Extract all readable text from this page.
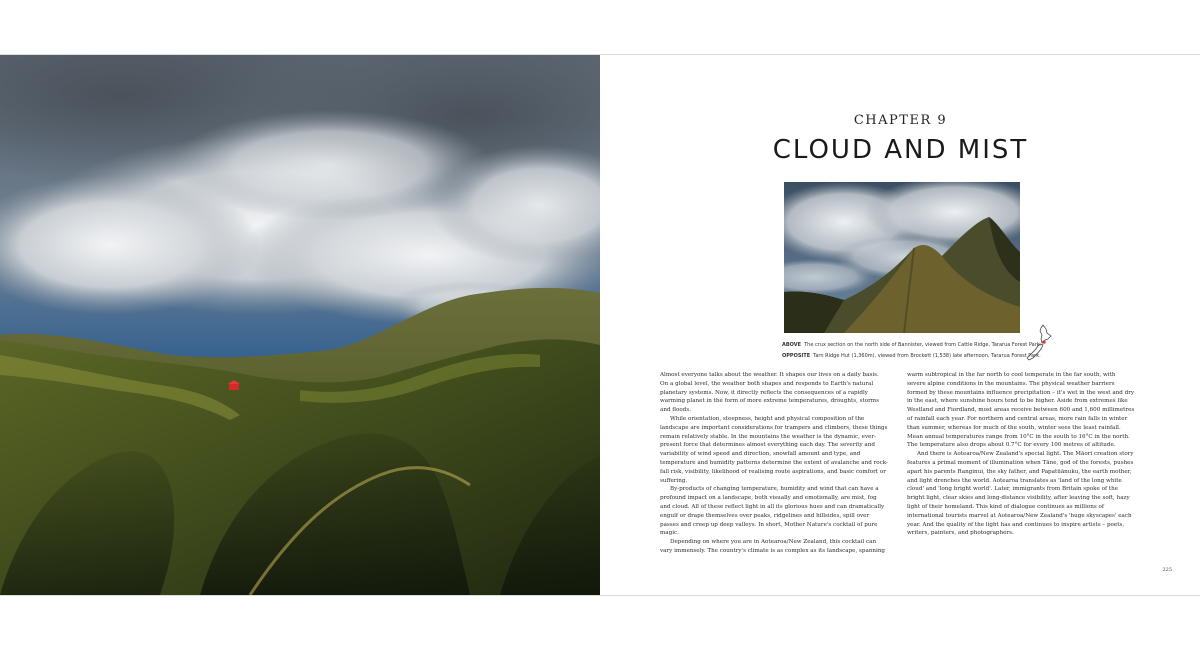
CHAPTER 9
CLOUD AND MIST
ABOVE The crux section on the north side of Bannister, viewed from Cattle Ridge, Tararua Forest Park.
OPPOSITE Tarn Ridge Hut (1,360m), viewed from Brockett (1,538) late afternoon, Tararua Forest Park.

Almost everyone talks about the weather. It shapes our lives on a daily basis. On a global level, the weather both shapes and responds to Earth's natural planetary systems. Now, it directly reflects the consequences of a rapidly warming planet in the form of more extreme temperatures, droughts, storms and floods.

While orientation, steepness, height and physical composition of the landscape are important considerations for trampers and climbers, these things remain relatively stable. In the mountains the weather is the dynamic, ever-present force that determines almost everything each day. The severity and variability of wind speed and direction, snowfall amount and type, and temperature and humidity patterns determine the extent of avalanche and rock-fall risk, visibility, likelihood of realising route aspirations, and basic comfort or suffering.

By-products of changing temperature, humidity and wind that can have a profound impact on a landscape, both visually and emotionally, are mist, fog and cloud. All of these reflect light in all its glorious hues and can dramatically engulf or drape themselves over peaks, ridgelines and hillsides, spill over passes and creep up deep valleys. In short, Mother Nature's cocktail of pure magic.

Depending on where you are in Aotearoa/New Zealand, this cocktail can vary immensely. The country's climate is as complex as its landscape, spanning

warm subtropical in the far north to cool temperate in the far south, with severe alpine conditions in the mountains. The physical weather barriers formed by these mountains influence precipitation – it's wet in the west and dry in the east, where sunshine hours tend to be higher. Aside from extremes like Westland and Fiordland, most areas receive between 600 and 1,600 millimetres of rainfall each year. For northern and central areas, more rain falls in winter than summer, whereas for much of the south, winter sees the least rainfall. Mean annual temperatures range from 10°C in the south to 16°C in the north. The temperature also drops about 0.7°C for every 100 metres of altitude.

And there is Aotearoa/New Zealand's special light. The Māori creation story features a primal moment of illumination when Tāne, god of the forests, pushes apart his parents Ranginui, the sky father, and Papatūānuku, the earth mother, and light drenches the world. Aotearoa translates as 'land of the long white cloud' and 'long bright world'. Later, immigrants from Britain spoke of the bright light, clear skies and long-distance visibility, after leaving the soft, hazy light of their homeland. This kind of dialogue continues as millions of international tourists marvel at Aotearoa/New Zealand's 'huge skyscapes' each year. And the quality of the light has and continues to inspire artists – poets, writers, painters, and photographers.

225
